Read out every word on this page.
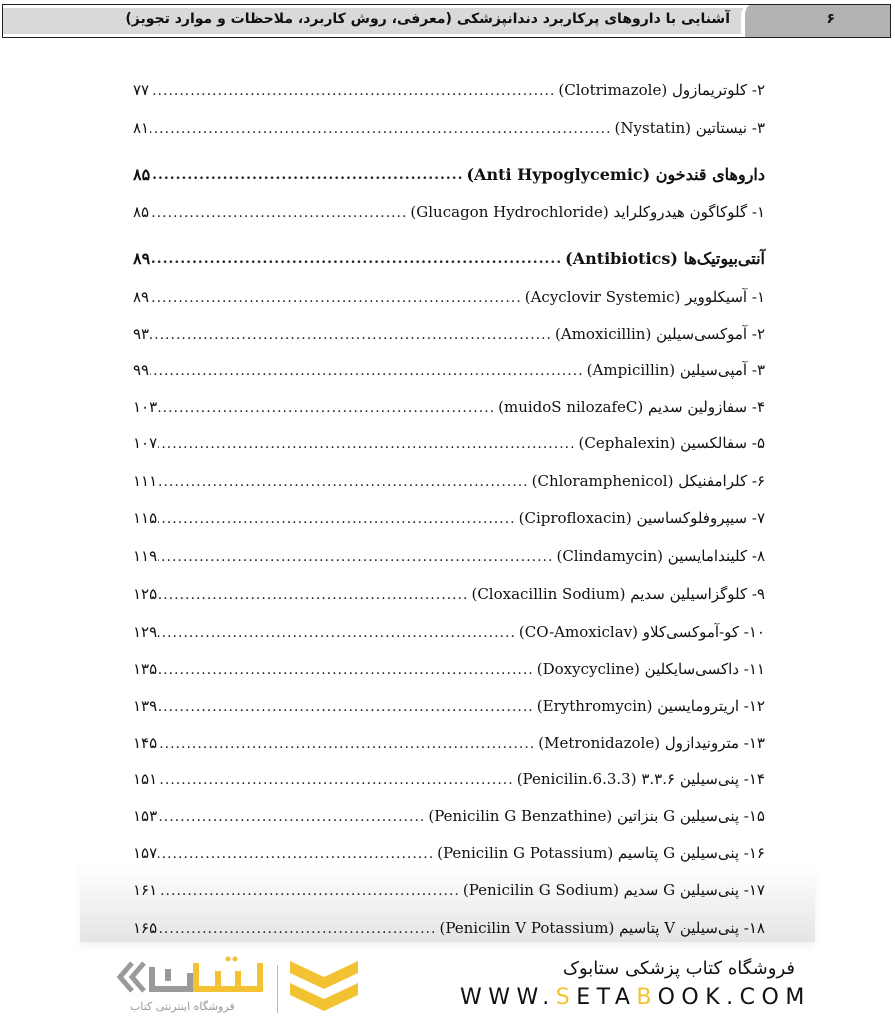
آشنایی با داروهای پرکاربرد دندانپزشکی (معرفی، روش کاربرد، ملاحظات و موارد تجویز)	۶
۲- کلوتریمازول (Clotrimazole)
.....
۷۷
۳- نیستاتین (Nystatin)
.....
۸۱
داروهای قندخون (Anti Hypoglycemic)
.....
۸۵
۱- گلوکاگون هیدروکلراید (Glucagon Hydrochloride)
.....
۸۵
آنتی‌بیوتیک‌ها (Antibiotics)
.....
۸۹
۱- آسیکلوویر (Acyclovir Systemic)
.....
۸۹
۲- آموکسی‌سیلین (Amoxicillin)
.....
۹۳
۳- آمپی‌سیلین (Ampicillin)
.....
۹۹
۴- سفازولین سدیم (muidoS nilozafeC)
.....
۱۰۳
۵- سفالکسین (Cephalexin)
.....
۱۰۷
۶- کلرامفنیکل (Chloramphenicol)
.....
۱۱۱
۷- سیپروفلوکساسین (Ciprofloxacin)
.....
۱۱۵
۸- کلیندامایسین (Clindamycin)
.....
۱۱۹
۹- کلوگزاسیلین سدیم (Cloxacillin Sodium)
.....
۱۲۵
۱۰- کو-آموکسی‌کلاو (CO-Amoxiclav)
.....
۱۲۹
۱۱- داکسی‌سایکلین (Doxycycline)
.....
۱۳۵
۱۲- اریترومایسین (Erythromycin)
.....
۱۳۹
۱۳- مترونیدازول (Metronidazole)
.....
۱۴۵
۱۴- پنی‌سیلین ۳.۳.۶ (Penicilin.6.3.3)
.....
۱۵۱
۱۵- پنی‌سیلین G بنزاتین (Penicilin G Benzathine)
.....
۱۵۳
۱۶- پنی‌سیلین G پتاسیم (Penicilin G Potassium)
.....
۱۵۷
۱۷- پنی‌سیلین G سدیم (Penicilin G Sodium)
.....
۱۶۱
۱۸- پنی‌سیلین V پتاسیم (Penicilin V Potassium)
.....
۱۶۵
فروشگاه اینترنتی کتاب
فروشگاه کتاب پزشکی ستابوک
WWW.SETABOOK.COM
